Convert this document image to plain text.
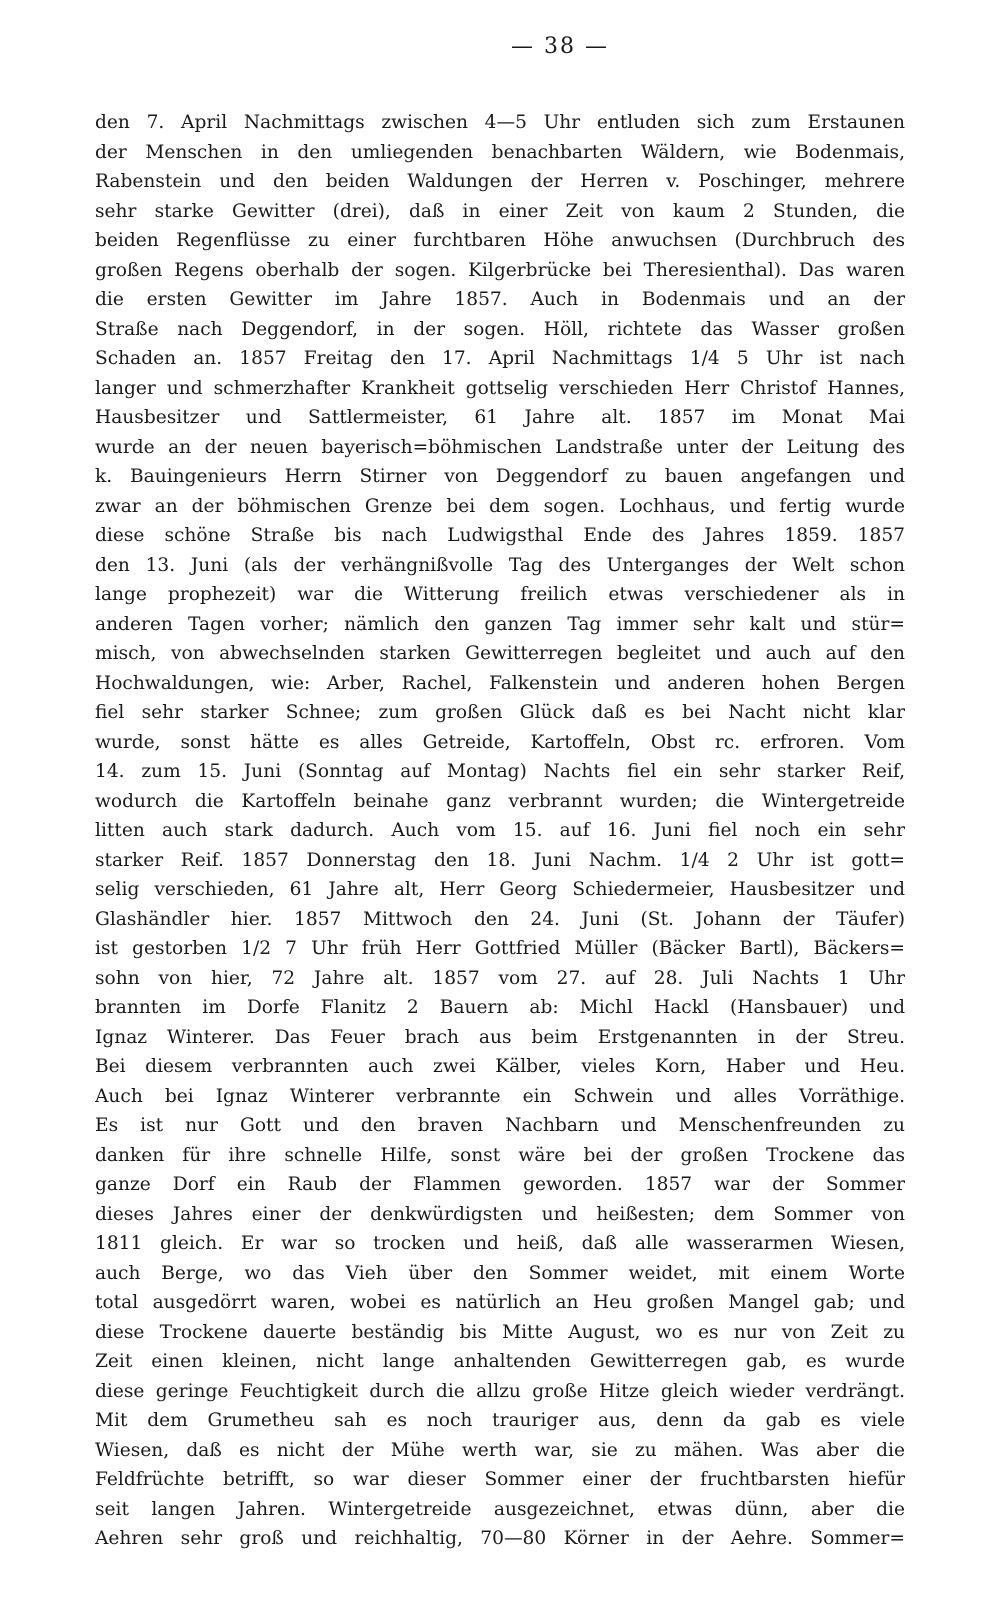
— 38 —
den 7. April Nachmittags zwischen 4—5 Uhr entluden sich zum Erstaunen
der Menschen in den umliegenden benachbarten Wäldern, wie Bodenmais,
Rabenstein und den beiden Waldungen der Herren v. Poschinger, mehrere
sehr starke Gewitter (drei), daß in einer Zeit von kaum 2 Stunden, die
beiden Regenflüsse zu einer furchtbaren Höhe anwuchsen (Durchbruch des
großen Regens oberhalb der sogen. Kilgerbrücke bei Theresienthal). Das waren
die ersten Gewitter im Jahre 1857. Auch in Bodenmais und an der
Straße nach Deggendorf, in der sogen. Höll, richtete das Wasser großen
Schaden an. 1857 Freitag den 17. April Nachmittags 1/4 5 Uhr ist nach
langer und schmerzhafter Krankheit gottselig verschieden Herr Christof Hannes,
Hausbesitzer und Sattlermeister, 61 Jahre alt. 1857 im Monat Mai
wurde an der neuen bayerisch=böhmischen Landstraße unter der Leitung des
k. Bauingenieurs Herrn Stirner von Deggendorf zu bauen angefangen und
zwar an der böhmischen Grenze bei dem sogen. Lochhaus, und fertig wurde
diese schöne Straße bis nach Ludwigsthal Ende des Jahres 1859. 1857
den 13. Juni (als der verhängnißvolle Tag des Unterganges der Welt schon
lange prophezeit) war die Witterung freilich etwas verschiedener als in
anderen Tagen vorher; nämlich den ganzen Tag immer sehr kalt und stür=
misch, von abwechselnden starken Gewitterregen begleitet und auch auf den
Hochwaldungen, wie: Arber, Rachel, Falkenstein und anderen hohen Bergen
fiel sehr starker Schnee; zum großen Glück daß es bei Nacht nicht klar
wurde, sonst hätte es alles Getreide, Kartoffeln, Obst rc. erfroren. Vom
14. zum 15. Juni (Sonntag auf Montag) Nachts fiel ein sehr starker Reif,
wodurch die Kartoffeln beinahe ganz verbrannt wurden; die Wintergetreide
litten auch stark dadurch. Auch vom 15. auf 16. Juni fiel noch ein sehr
starker Reif. 1857 Donnerstag den 18. Juni Nachm. 1/4 2 Uhr ist gott=
selig verschieden, 61 Jahre alt, Herr Georg Schiedermeier, Hausbesitzer und
Glashändler hier. 1857 Mittwoch den 24. Juni (St. Johann der Täufer)
ist gestorben 1/2 7 Uhr früh Herr Gottfried Müller (Bäcker Bartl), Bäckers=
sohn von hier, 72 Jahre alt. 1857 vom 27. auf 28. Juli Nachts 1 Uhr
brannten im Dorfe Flanitz 2 Bauern ab: Michl Hackl (Hansbauer) und
Ignaz Winterer. Das Feuer brach aus beim Erstgenannten in der Streu.
Bei diesem verbrannten auch zwei Kälber, vieles Korn, Haber und Heu.
Auch bei Ignaz Winterer verbrannte ein Schwein und alles Vorräthige.
Es ist nur Gott und den braven Nachbarn und Menschenfreunden zu
danken für ihre schnelle Hilfe, sonst wäre bei der großen Trockene das
ganze Dorf ein Raub der Flammen geworden. 1857 war der Sommer
dieses Jahres einer der denkwürdigsten und heißesten; dem Sommer von
1811 gleich. Er war so trocken und heiß, daß alle wasserarmen Wiesen,
auch Berge, wo das Vieh über den Sommer weidet, mit einem Worte
total ausgedörrt waren, wobei es natürlich an Heu großen Mangel gab; und
diese Trockene dauerte beständig bis Mitte August, wo es nur von Zeit zu
Zeit einen kleinen, nicht lange anhaltenden Gewitterregen gab, es wurde
diese geringe Feuchtigkeit durch die allzu große Hitze gleich wieder verdrängt.
Mit dem Grumetheu sah es noch trauriger aus, denn da gab es viele
Wiesen, daß es nicht der Mühe werth war, sie zu mähen. Was aber die
Feldfrüchte betrifft, so war dieser Sommer einer der fruchtbarsten hiefür
seit langen Jahren. Wintergetreide ausgezeichnet, etwas dünn, aber die
Aehren sehr groß und reichhaltig, 70—80 Körner in der Aehre. Sommer=
